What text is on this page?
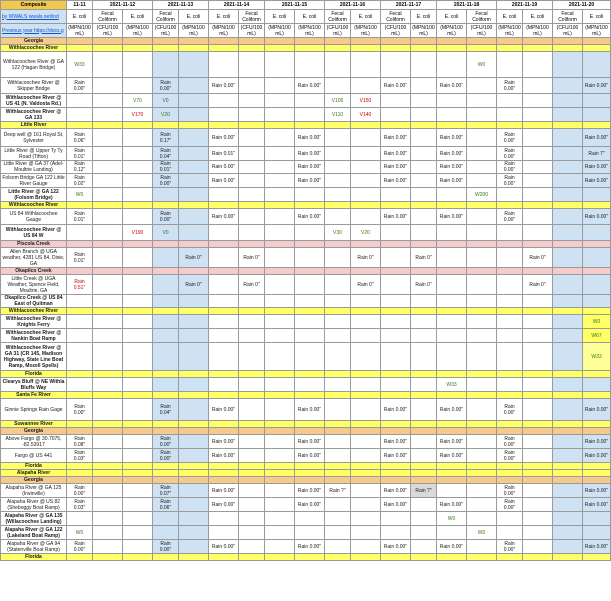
Composite	11-11	2021-11-12		2021-11-13		2021-11-14		2021-11-15		2021-11-16		2021-11-17		2021-11-18		2021-11-19		2021-11-20	
by WWALS wwals.net/ind	E. coli	Fecal Coliform	E. coli	Fecal Coliform	E. coli	E. coli	Fecal Coliform	E. coli	E. coli	Fecal Coliform	E. coli	Fecal Coliform	E. coli	E. coli	Fecal Coliform	E. coli	E. coli	Fecal Coliform	E. coli
Previous year https://docs.g	(MPN/100 mL)	(CFU/100 mL)	(MPN/100 mL)	(CFU/100 mL)	(MPN/100 mL)	(MPN/100 mL)	(CFU/100 mL)	(MPN/100 mL)	(MPN/100 mL)	(CFU/100 mL)	(MPN/100 mL)	(CFU/100 mL)	(MPN/100 mL)	(MPN/100 mL)	(CFU/100 mL)	(MPN/100 mL)	(MPN/100 mL)	(CFU/100 mL)	(MPN/100 mL)
Georgia																			
Withlacoochee River																			
Withlacoochee River @ GA 122 (Hagan Bridge)	W33														W0				
Withlacoochee River @ Skipper Bridge	Rain 0.00"			Rain 0.00"		Rain 0.00"			Rain 0.00"			Rain 0.00"		Rain 0.00"		Rain 0.00"			Rain 0.00"
Withlacoochee River @ US 41 (N. Valdosta Rd.)			V70	V0						V105	V150								
Withlacoochee River @ GA 133			V170	V20						V110	V140								
Little River																			
Deep well @ 161 Royal St, Sylvester	Rain 0.06"			Rain 0.17"		Rain 0.00"			Rain 0.00"			Rain 0.00"		Rain 0.00"		Rain 0.00"			Rain 0.00"
Little River @ Upper Ty Ty Road (Tifton)	Rain 0.01"			Rain 0.04"		Rain 0.01"			Rain 0.00"			Rain 0.00"		Rain 0.00"		Rain 0.00"			Rain 7"
Little River @ GA 37 (Adel-Moultrie Landing)	Rain 0.12"			Rain 0.01"		Rain 0.00"			Rain 0.00"			Rain 0.00"		Rain 0.00"		Rain 0.00"			Rain 0.00"
Folsom Bridge GA 122 Little River Gauge	Rain 0.02"			Rain 0.00"		Rain 0.00"			Rain 0.00"			Rain 0.00"		Rain 0.00"		Rain 0.00"			Rain 0.00"
Little River @ GA 122 (Folsom Bridge)	W0														W200				
Withlacoochee River																			
US 84 Withlacoochee Gauge	Rain 0.01"			Rain 0.00"		Rain 0.00"			Rain 0.00"			Rain 0.00"		Rain 0.00"		Rain 0.00"			Rain 0.00"
Withlacoochee River @ US 84 W			V190	V0						V30	V20								
Piscola Creek																			
Allen Branch @ UGA weather, 4281 US 84, Dixie, GA	Rain 0.01"				Rain 0"		Rain 0"				Rain 0"		Rain 0"				Rain 0"		
Okapilco Creek																			
Little Creek @ UGA Weather, Spence Field, Moultrie, GA	Rain 0.51"				Rain 0"		Rain 0"				Rain 0"		Rain 0"				Rain 0"		
Okapilco Creek @ US 84 East of Quitman																			
Withlacoochee River																			
Withlacoochee River @ Knights Ferry																			W0
Withlacoochee River @ Nankin Boat Ramp																			W67
Withlacoochee River @ GA 31 (CR 145, Madison Highway, State Line Boat Ramp, Mozell Spells)																			W33
Florida																			
Clearys Bluff @ NE Withla Bluffs Way														W33					
Santa Fe River																			
Ginnie Springs Rain Gage	Rain 0.00"			Rain 0.04"		Rain 0.00"			Rain 0.00"			Rain 0.00"		Rain 0.00"		Rain 0.00"			Rain 0.00"
Suwannee River																			
Georgia																			
Above Fargo @ 30.7075, -82.53917	Rain 0.08"			Rain 0.00"		Rain 0.00"			Rain 0.00"			Rain 0.00"		Rain 0.00"		Rain 0.00"			Rain 0.00"
Fargo @ US 441	Rain 0.03"			Rain 0.00"		Rain 0.00"			Rain 0.00"			Rain 0.00"		Rain 0.00"		Rain 0.00"			Rain 0.00"
Florida																			
Alapaha River																			
Georgia																			
Alapaha River @ GA 125 (Irwinville)	Rain 0.00"			Rain 0.07"		Rain 0.00"			Rain 0.00"	Rain ?"		Rain 0.00"	Rain ?"			Rain 0.00"			Rain 0.00"
Alapaha River @ US 82 (Sheboggy Boat Ramp)	Rain 0.03"			Rain 0.06"		Rain 0.00"			Rain 0.00"			Rain 0.00"		Rain 0.00"		Rain 0.00"			Rain 0.00"
Alapaha River @ GA 135 (Willacoochee Landing)														W0					
Alapaha River @ GA 122 (Lakeland Boat Ramp)	W0														W0				
Alapaha River @ GA 94 (Statenville Boat Ramp)	Rain 0.00"			Rain 0.00"		Rain 0.00"			Rain 0.00"			Rain 0.00"		Rain 0.00"		Rain 0.00"			Rain 0.00"
Florida																			
